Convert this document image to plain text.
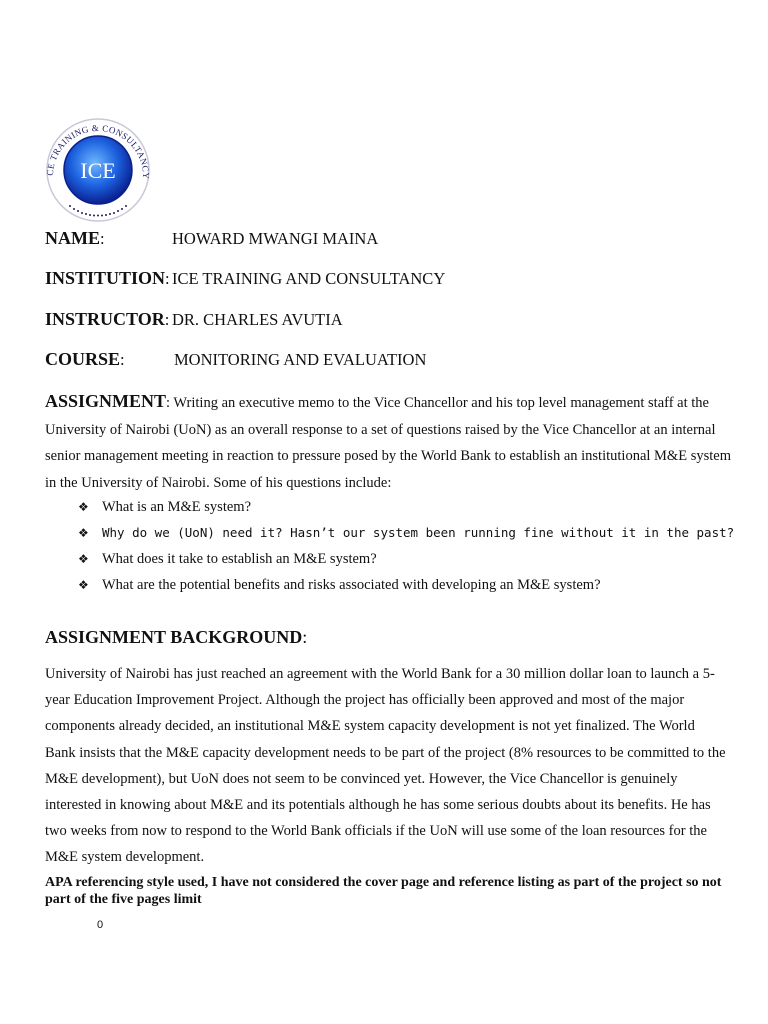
CE TRAINING & CONSULTANCY
ICE
NAME:	HOWARD MWANGI MAINA
INSTITUTION: ICE TRAINING AND CONSULTANCY
INSTRUCTOR: DR. CHARLES AVUTIA
COURSE:	MONITORING AND EVALUATION
ASSIGNMENT: Writing an executive memo to the Vice Chancellor and his top level management staff at the University of Nairobi (UoN) as an overall response to a set of questions raised by the Vice Chancellor at an internal senior management meeting in reaction to pressure posed by the World Bank to establish an institutional M&E system in the University of Nairobi. Some of his questions include:
❖ What is an M&E system?
❖ Why do we (UoN) need it? Hasn’t our system been running fine without it in the past?
❖ What does it take to establish an M&E system?
❖ What are the potential benefits and risks associated with developing an M&E system?
ASSIGNMENT BACKGROUND:
University of Nairobi has just reached an agreement with the World Bank for a 30 million dollar loan to launch a 5-year Education Improvement Project. Although the project has officially been approved and most of the major components already decided, an institutional M&E system capacity development is not yet finalized. The World Bank insists that the M&E capacity development needs to be part of the project (8% resources to be committed to the M&E development), but UoN does not seem to be convinced yet. However, the Vice Chancellor is genuinely interested in knowing about M&E and its potentials although he has some serious doubts about its benefits. He has two weeks from now to respond to the World Bank officials if the UoN will use some of the loan resources for the M&E system development.
APA referencing style used, I have not considered the cover page and reference listing as part of the project so not part of the five pages limit
0
